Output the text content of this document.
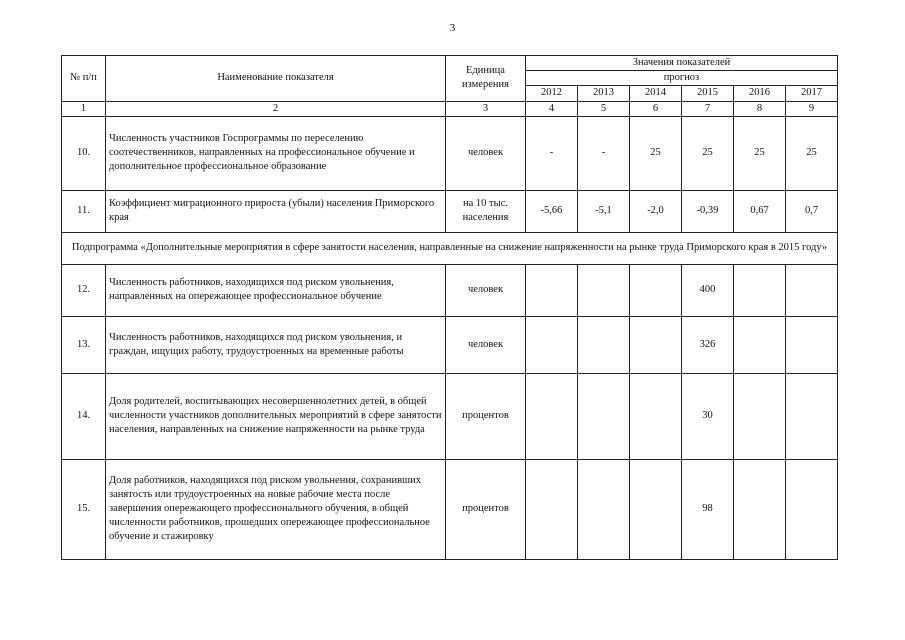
3
№ п/п	Наименование показателя	Единица измерения	Значения показателей					
			прогноз					
			2012	2013	2014	2015	2016	2017
1	2	3	4	5	6	7	8	9
10.	Численность участников Госпрограммы по переселению соотечественников, направленных на профессиональное обучение и дополнительное профессиональное образование	человек	-	-	25	25	25	25
11.	Коэффициент миграционного прироста (убыли) населения Приморского края	на 10 тыс. населения	-5,66	-5,1	-2,0	-0,39	0,67	0,7
Подпрограмма «Дополнительные мероприятия в сфере занятости населения, направленные на снижение напряженности на рынке труда Приморского края в 2015 году»								
12.	Численность работников, находящихся под риском увольнения, направленных на опережающее профессиональное обучение	человек				400		
13.	Численность работников, находящихся под риском увольнения, и граждан, ищущих работу, трудоустроенных на временные работы	человек				326		
14.	Доля родителей, воспитывающих несовершеннолетних детей, в общей численности участников дополнительных мероприятий в сфере занятости населения, направленных на снижение напряженности на рынке труда	процентов				30		
15.	Доля работников, находящихся под риском увольнения, сохранивших занятость или трудоустроенных на новые рабочие места после завершения опережающего профессионального обучения, в общей численности работников, прошедших опережающее профессиональное обучение и стажировку	процентов				98		
